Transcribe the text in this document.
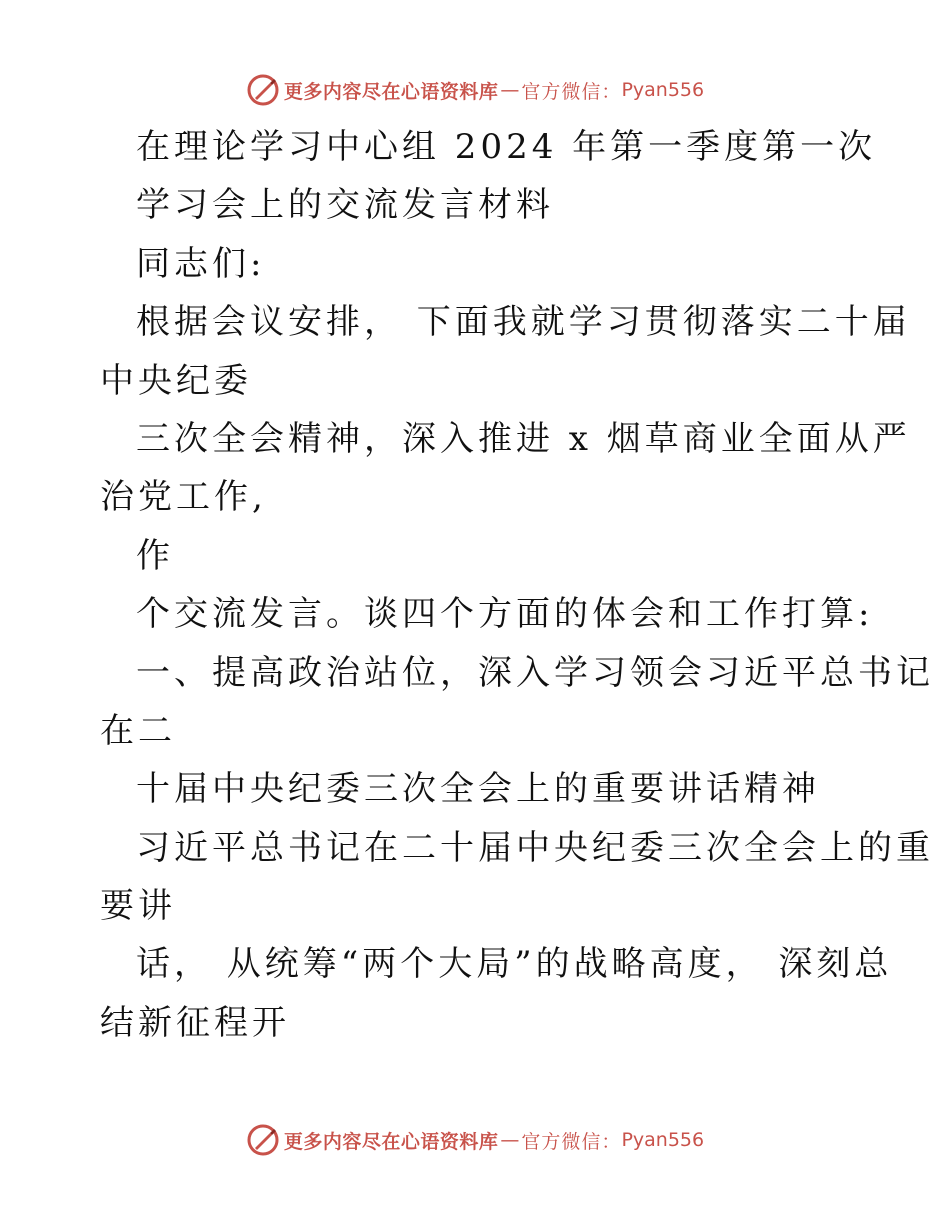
更多内容尽在心语资料库 — 官方微信： Pyan556
在理论学习中心组 2024 年第一季度第一次
学习会上的交流发言材料
同志们:
根据会议安排， 下面我就学习贯彻落实二十届
中央纪委
三次全会精神，深入推进 x 烟草商业全面从严
治党工作,
作
个交流发言。谈四个方面的体会和工作打算:
一、提高政治站位，深入学习领会习近平总书记
在二
十届中央纪委三次全会上的重要讲话精神
习近平总书记在二十届中央纪委三次全会上的重
要讲
话， 从统筹“两个大局”的战略高度， 深刻总
结新征程开
更多内容尽在心语资料库 — 官方微信： Pyan556
